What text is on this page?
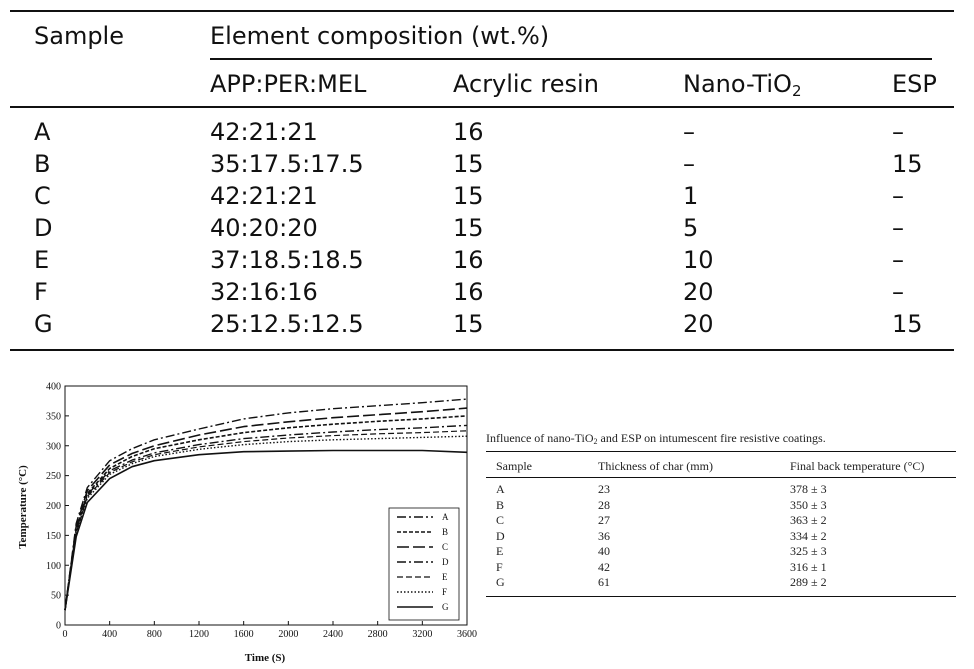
Sample	Element composition (wt.%)
APP:PER:MEL	Acrylic resin	Nano-TiO$_2$	ESP
A	42:21:21	16	–	–
B	35:17.5:17.5	15	–	15
C	42:21:21	15	1	–
D	40:20:20	15	5	–
E	37:18.5:18.5	16	10	–
F	32:16:16	16	20	–
G	25:12.5:12.5	15	20	15
0	400	800	1200 1600 2000 2400 2800 3200 3600
0
50
100
150
200
250
300
350
400
A
B
C
D
E
F
G
Time (S)
Temperature (°C)
Influence of nano-TiO$_2$ and ESP on intumescent fire resistive coatings.
Sample	Thickness of char (mm)	Final back temperature (°C)
A	23	378 ± 3
B	28	350 ± 3
C	27	363 ± 2
D	36	334 ± 2
E	40	325 ± 3
F	42	316 ± 1
G	61	289 ± 2
